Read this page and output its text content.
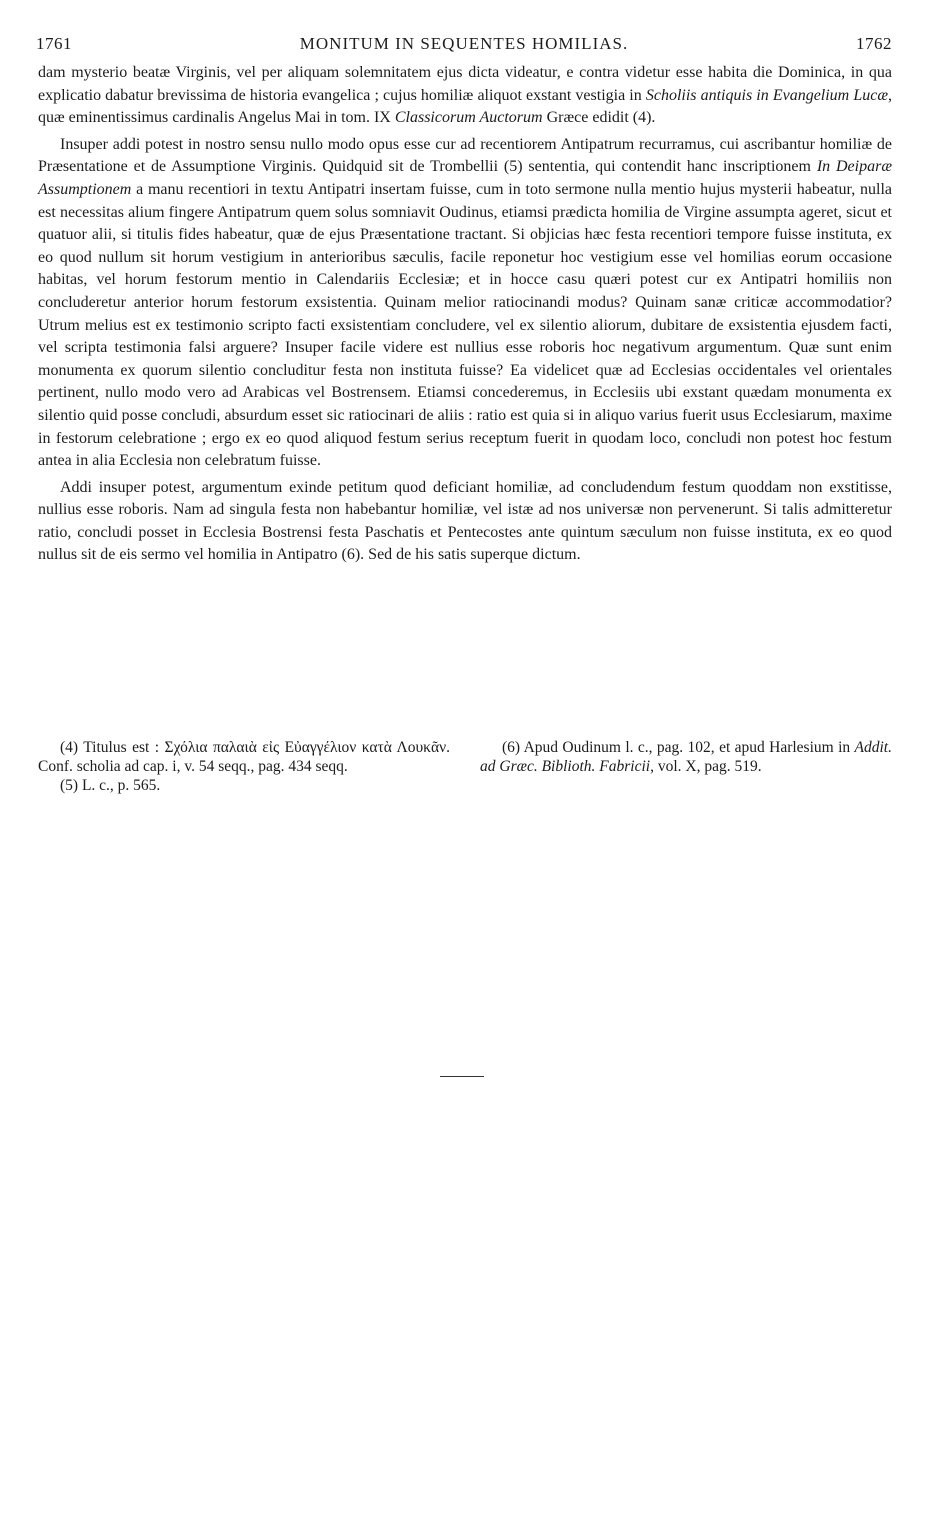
1761	MONITUM IN SEQUENTES HOMILIAS.	1762

dam mysterio beatæ Virginis, vel per aliquam solemnitatem ejus dicta videatur, e contra videtur esse habita die Dominica, in qua explicatio dabatur brevissima de historia evangelica ; cujus homiliæ aliquot exstant vestigia in Scholiis antiquis in Evangelium Lucæ, quæ eminentissimus cardinalis Angelus Mai in tom. IX Classicorum Auctorum Græce edidit (4).

Insuper addi potest in nostro sensu nullo modo opus esse cur ad recentiorem Antipatrum recurramus, cui ascribantur homiliæ de Præsentatione et de Assumptione Virginis. Quidquid sit de Trombellii (5) sententia, qui contendit hanc inscriptionem In Deiparæ Assumptionem a manu recentiori in textu Antipatri insertam fuisse, cum in toto sermone nulla mentio hujus mysterii habeatur, nulla est necessitas alium fingere Antipatrum quem solus somniavit Oudinus, etiamsi prædicta homilia de Virgine assumpta ageret, sicut et quatuor alii, si titulis fides habeatur, quæ de ejus Præsentatione tractant. Si objicias hæc festa recentiori tempore fuisse instituta, ex eo quod nullum sit horum vestigium in anterioribus sæculis, facile reponetur hoc vestigium esse vel homilias eorum occasione habitas, vel horum festorum mentio in Calendariis Ecclesiæ; et in hocce casu quæri potest cur ex Antipatri homiliis non concluderetur anterior horum festorum exsistentia. Quinam melior ratiocinandi modus? Quinam sanæ criticæ accommodatior? Utrum melius est ex testimonio scripto facti exsistentiam concludere, vel ex silentio aliorum, dubitare de exsistentia ejusdem facti, vel scripta testimonia falsi arguere? Insuper facile videre est nullius esse roboris hoc negativum argumentum. Quæ sunt enim monumenta ex quorum silentio concluditur festa non instituta fuisse? Ea videlicet quæ ad Ecclesias occidentales vel orientales pertinent, nullo modo vero ad Arabicas vel Bostrensem. Etiamsi concederemus, in Ecclesiis ubi exstant quædam monumenta ex silentio quid posse concludi, absurdum esset sic ratiocinari de aliis : ratio est quia si in aliquo varius fuerit usus Ecclesiarum, maxime in festorum celebratione ; ergo ex eo quod aliquod festum serius receptum fuerit in quodam loco, concludi non potest hoc festum antea in alia Ecclesia non celebratum fuisse.

Addi insuper potest, argumentum exinde petitum quod deficiant homiliæ, ad concludendum festum quoddam non exstitisse, nullius esse roboris. Nam ad singula festa non habebantur homiliæ, vel istæ ad nos universæ non pervenerunt. Si talis admitteretur ratio, concludi posset in Ecclesia Bostrensi festa Paschatis et Pentecostes ante quintum sæculum non fuisse instituta, ex eo quod nullus sit de eis sermo vel homilia in Antipatro (6). Sed de his satis superque dictum.

(4) Titulus est : Σχόλια παλαιὰ εἰς Εὐαγγέλιον κατὰ Λουκᾶν. Conf. scholia ad cap. i, v. 54 seqq., pag. 434 seqq.

(5) L. c., p. 565.

(6) Apud Oudinum l. c., pag. 102, et apud Harlesium in Addit. ad Græc. Biblioth. Fabricii, vol. X, pag. 519.
